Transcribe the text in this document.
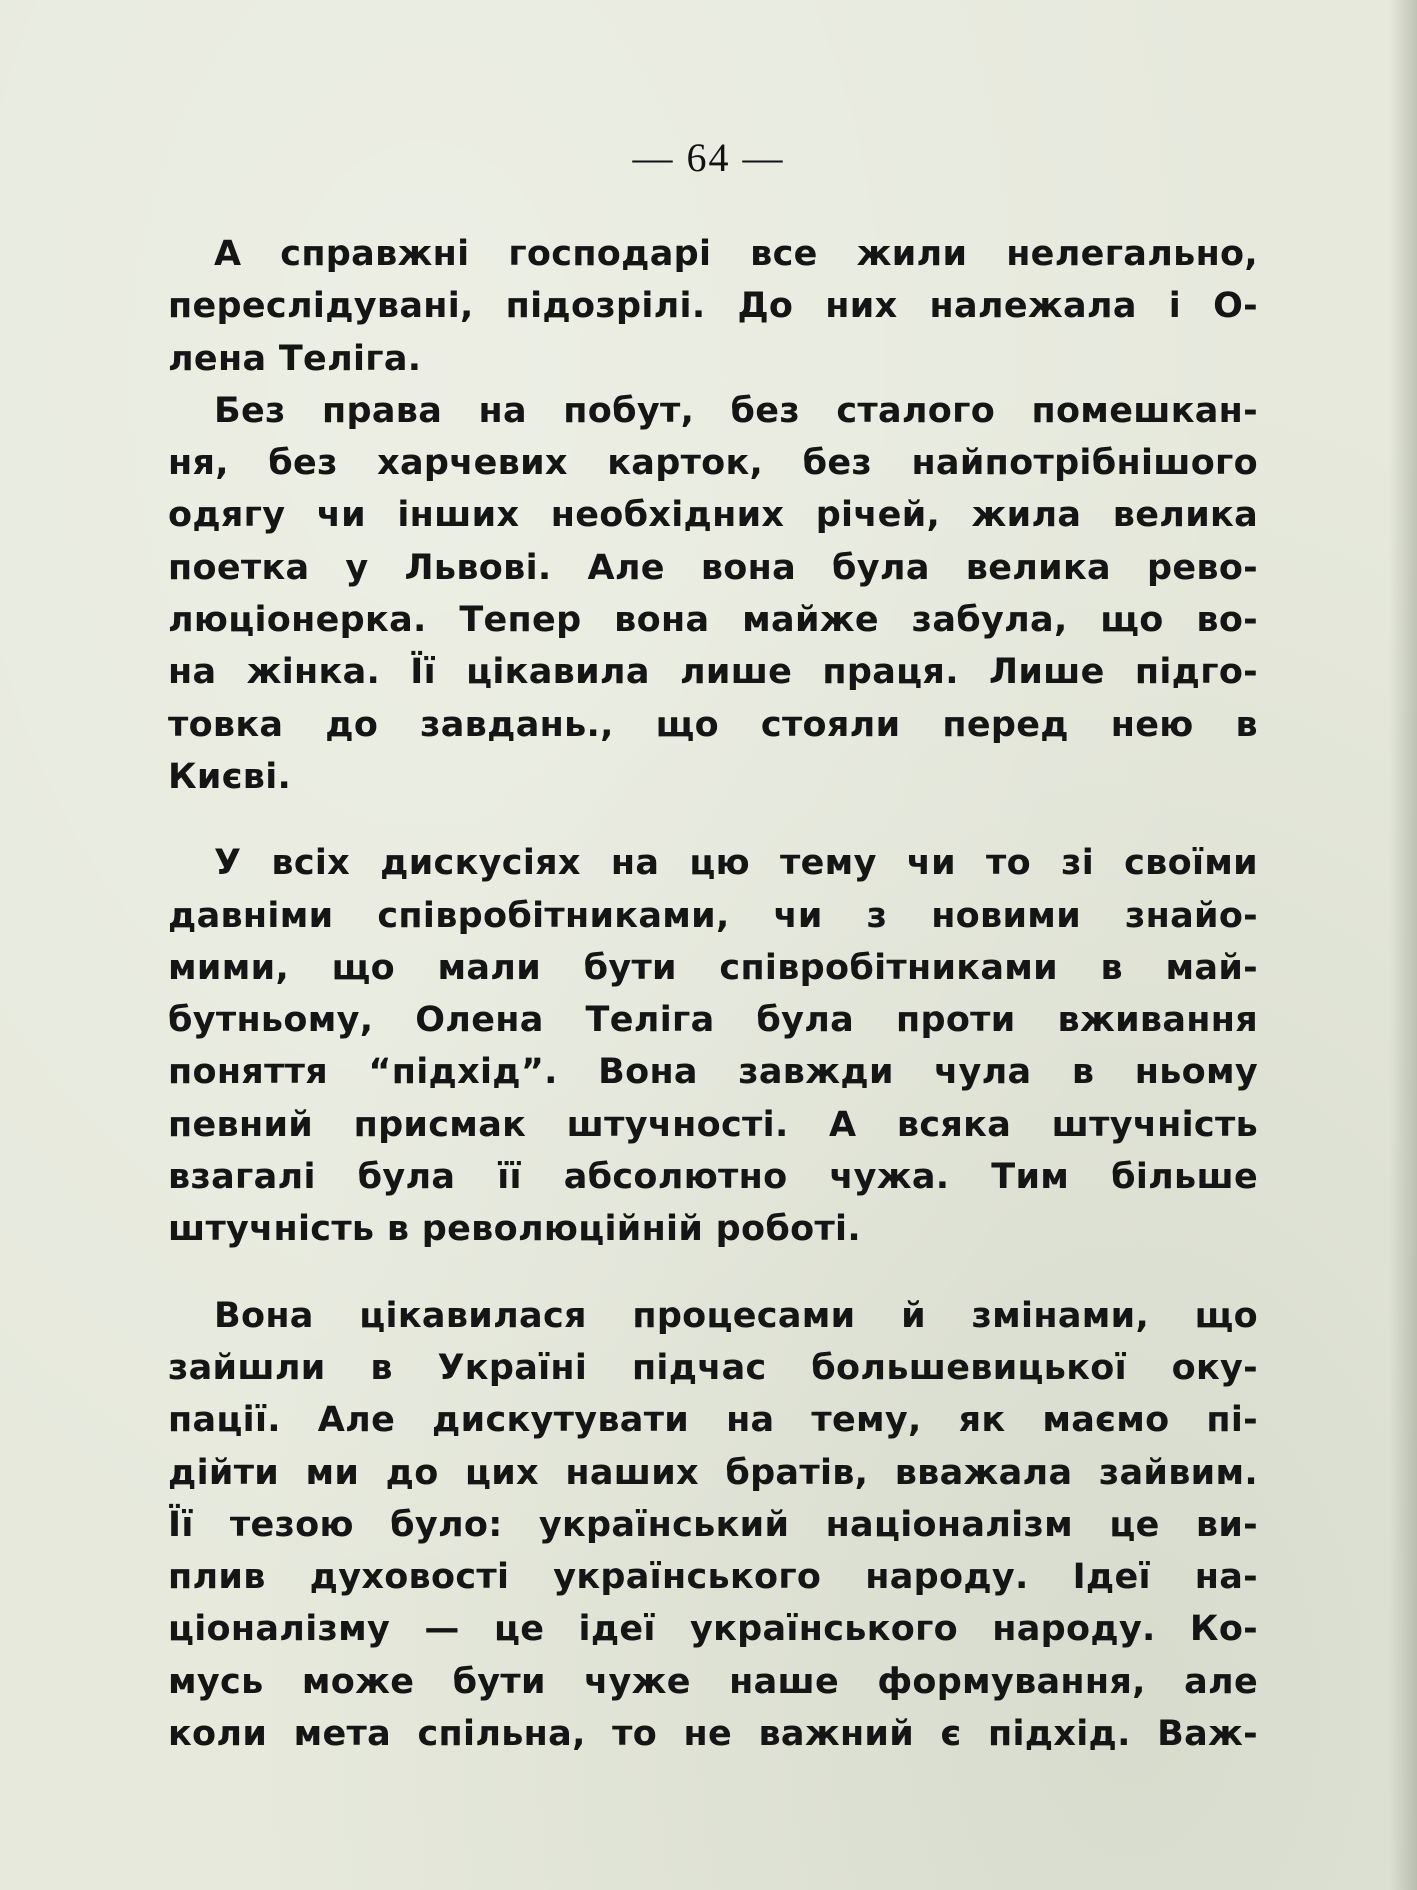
— 64 —
А справжні господарі все жили нелегально,
переслідувані, підозрілі. До них належала і О-
лена Теліга.
Без права на побут, без сталого помешкан-
ня, без харчевих карток, без найпотрібнішого
одягу чи інших необхідних річей, жила велика
поетка у Львові. Але вона була велика рево-
люціонерка. Тепер вона майже забула, що во-
на жінка. Її цікавила лише праця. Лише підго-
товка до завдань., що стояли перед нею в
Києві.
У всіх дискусіях на цю тему чи то зі своїми
давніми співробітниками, чи з новими знайо-
мими, що мали бути співробітниками в май-
бутньому, Олена Теліга була проти вживання
поняття “підхід”. Вона завжди чула в ньому
певний присмак штучності. А всяка штучність
взагалі була її абсолютно чужа. Тим більше
штучність в революційній роботі.
Вона цікавилася процесами й змінами, що
зайшли в Україні підчас большевицької оку-
пації. Але дискутувати на тему, як маємо пі-
дійти ми до цих наших братів, вважала зайвим.
Її тезою було: український націоналізм це ви-
плив духовості українського народу. Ідеї на-
ціоналізму — це ідеї українського народу. Ко-
мусь може бути чуже наше формування, але
коли мета спільна, то не важний є підхід. Важ-
